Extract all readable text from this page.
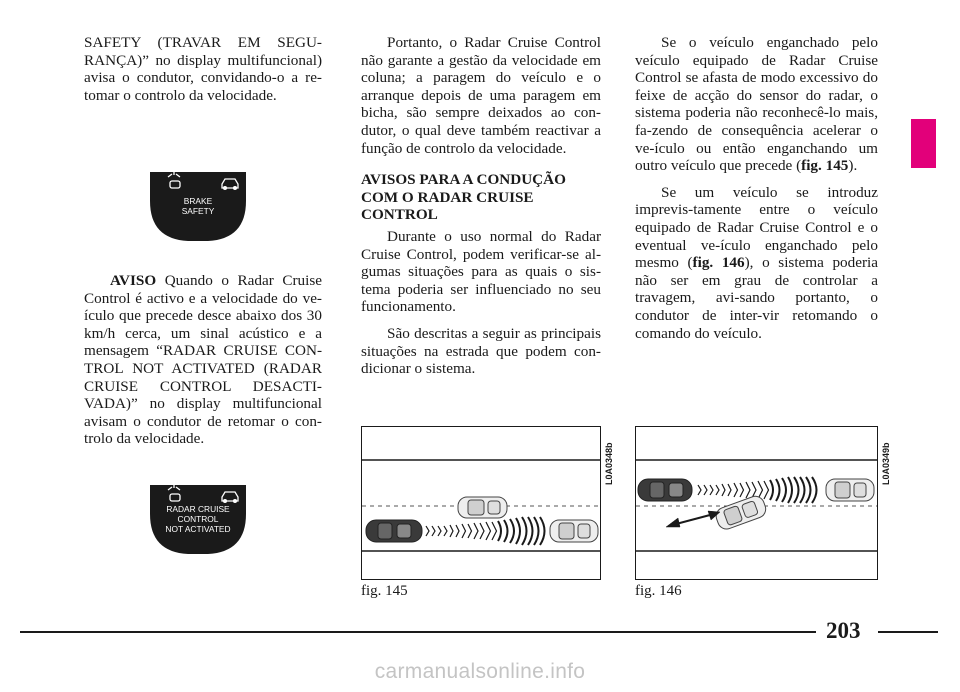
SAFETY (TRAVAR EM SEGU-RANÇA)” no display multifuncional) avisa o condutor, convidando-o a re-tomar o controlo da velocidade.

BRAKE
SAFETY

AVISO Quando o Radar Cruise Control é activo e a velocidade do ve-ículo que precede desce abaixo dos 30 km/h cerca, um sinal acústico e a mensagem “RADAR CRUISE CON-TROL NOT ACTIVATED (RADAR CRUISE CONTROL DESACTI-VADA)” no display multifuncional avisam o condutor de retomar o con-trolo da velocidade.

RADAR CRUISE
CONTROL
NOT ACTIVATED

Portanto, o Radar Cruise Control não garante a gestão da velocidade em coluna; a paragem do veículo e o arranque depois de uma paragem em bicha, são sempre deixados ao con-dutor, o qual deve também reactivar a função de controlo da velocidade.

AVISOS PARA A CONDUÇÃO COM O RADAR CRUISE CONTROL

Durante o uso normal do Radar Cruise Control, podem verificar-se al-gumas situações para as quais o sis-tema poderia ser influenciado no seu funcionamento.

São descritas a seguir as principais situações na estrada que podem con-dicionar o sistema.

Se o veículo enganchado pelo veículo equipado de Radar Cruise Control se afasta de modo excessivo do feixe de acção do sensor do radar, o sistema poderia não reconhecê-lo mais, fa-zendo de consequência acelerar o ve-ículo ou então enganchando um outro veículo que precede (fig. 145).

Se um veículo se introduz imprevis-tamente entre o veículo equipado de Radar Cruise Control e o eventual ve-ículo enganchado pelo mesmo (fig. 146), o sistema poderia não ser em grau de controlar a travagem, avi-sando portanto, o condutor de inter-vir retomando o comando do veículo.

L0A0348b
fig. 145
L0A0349b
fig. 146
203
carmanualsonline.info
